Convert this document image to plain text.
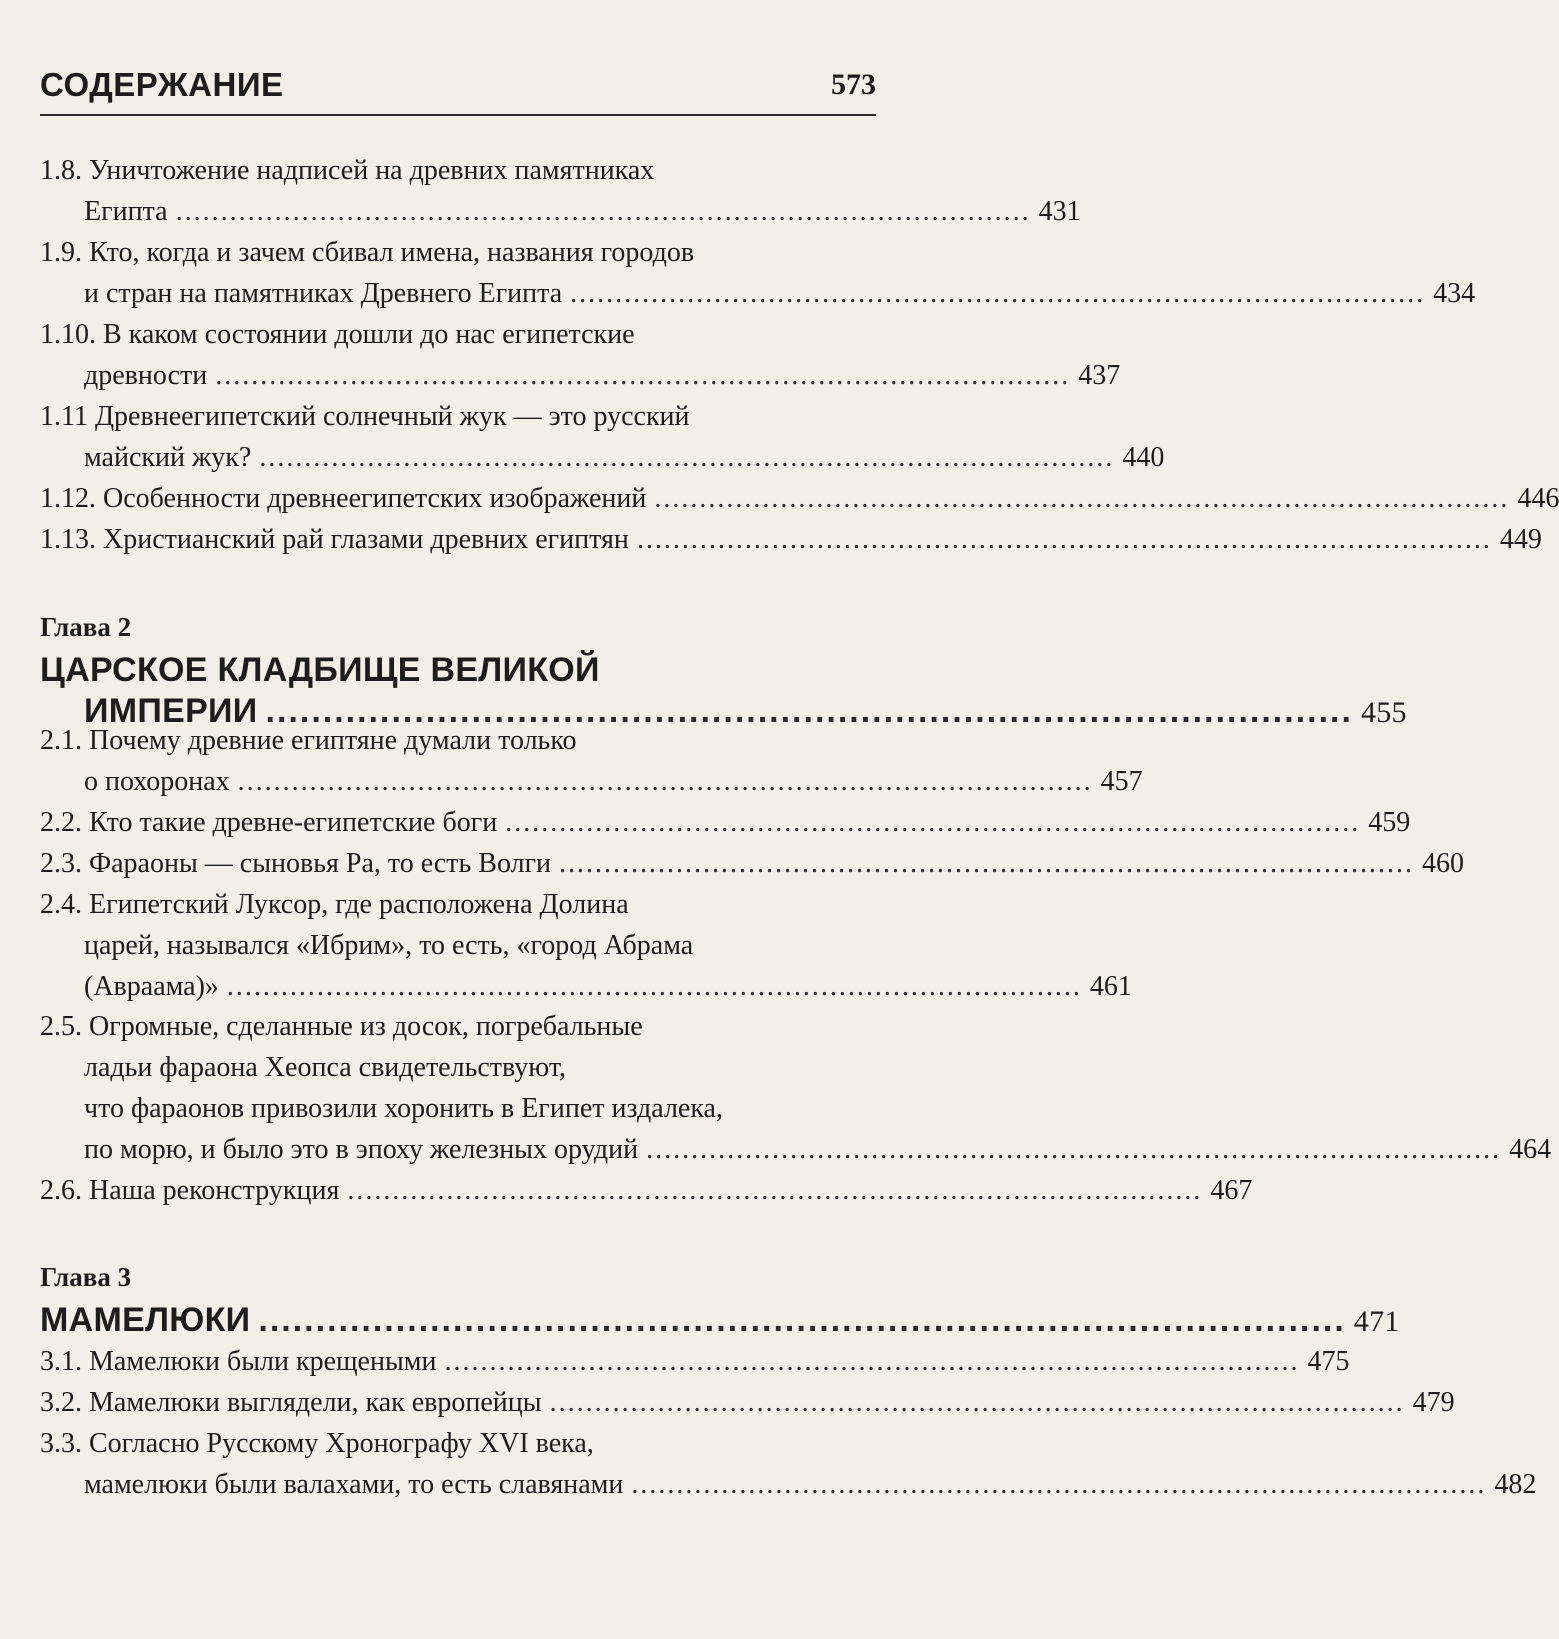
СОДЕРЖАНИЕ	573
1.8. Уничтожение надписей на древних памятниках
Египта ............................................................................................... 431
1.9. Кто, когда и зачем сбивал имена, названия городов
и стран на памятниках Древнего Египта ............................................................................................... 434
1.10. В каком состоянии дошли до нас египетские
древности ............................................................................................... 437
1.11 Древнеегипетский солнечный жук — это русский
майский жук? ............................................................................................... 440
1.12. Особенности древнеегипетских изображений ............................................................................................... 446
1.13. Христианский рай глазами древних египтян ............................................................................................... 449
Глава 2
ЦАРСКОЕ КЛАДБИЩЕ ВЕЛИКОЙ
ИМПЕРИИ ............................................................................................... 455
2.1. Почему древние египтяне думали только
о похоронах ............................................................................................... 457
2.2. Кто такие древне-египетские боги ............................................................................................... 459
2.3. Фараоны — сыновья Ра, то есть Волги ............................................................................................... 460
2.4. Египетский Луксор, где расположена Долина
царей, назывался «Ибрим», то есть, «город Абрама
(Авраама)» ............................................................................................... 461
2.5. Огромные, сделанные из досок, погребальные
ладьи фараона Хеопса свидетельствуют,
что фараонов привозили хоронить в Египет издалека,
по морю, и было это в эпоху железных орудий ............................................................................................... 464
2.6. Наша реконструкция ............................................................................................... 467
Глава 3
МАМЕЛЮКИ ............................................................................................... 471
3.1. Мамелюки были крещеными ............................................................................................... 475
3.2. Мамелюки выглядели, как европейцы ............................................................................................... 479
3.3. Согласно Русскому Хронографу XVI века,
мамелюки были валахами, то есть славянами ............................................................................................... 482
